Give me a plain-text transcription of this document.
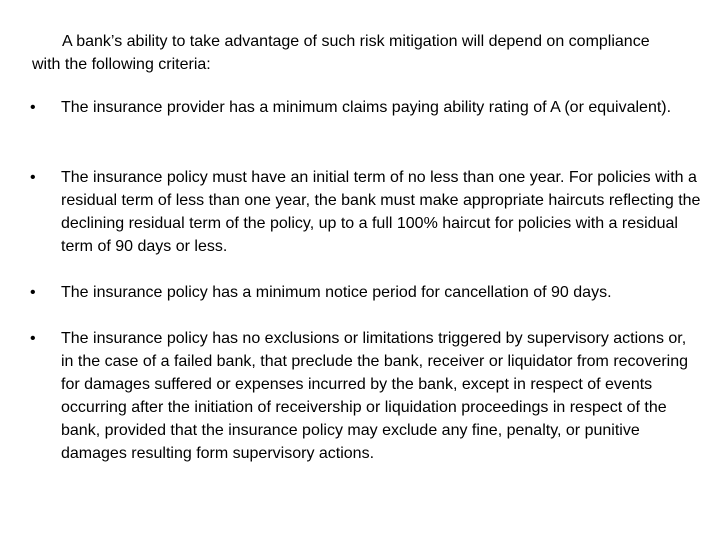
A bank’s ability to take advantage of such risk mitigation will depend on compliance with the following criteria:

•	The insurance provider has a minimum claims paying ability rating of A (or equivalent).
•	The insurance policy must have an initial term of no less than one year. For policies with a residual term of less than one year, the bank must make appropriate haircuts reflecting the declining residual term of the policy, up to a full 100% haircut for policies with a residual term of 90 days or less.
•	The insurance policy has a minimum notice period for cancellation of 90 days.
•	The insurance policy has no exclusions or limitations triggered by supervisory actions or, in the case of a failed bank, that preclude the bank, receiver or liquidator from recovering for damages suffered or expenses incurred by the bank, except in respect of events occurring after the initiation of receivership or liquidation proceedings in respect of the bank, provided that the insurance policy may exclude any fine, penalty, or punitive damages resulting form supervisory actions.
